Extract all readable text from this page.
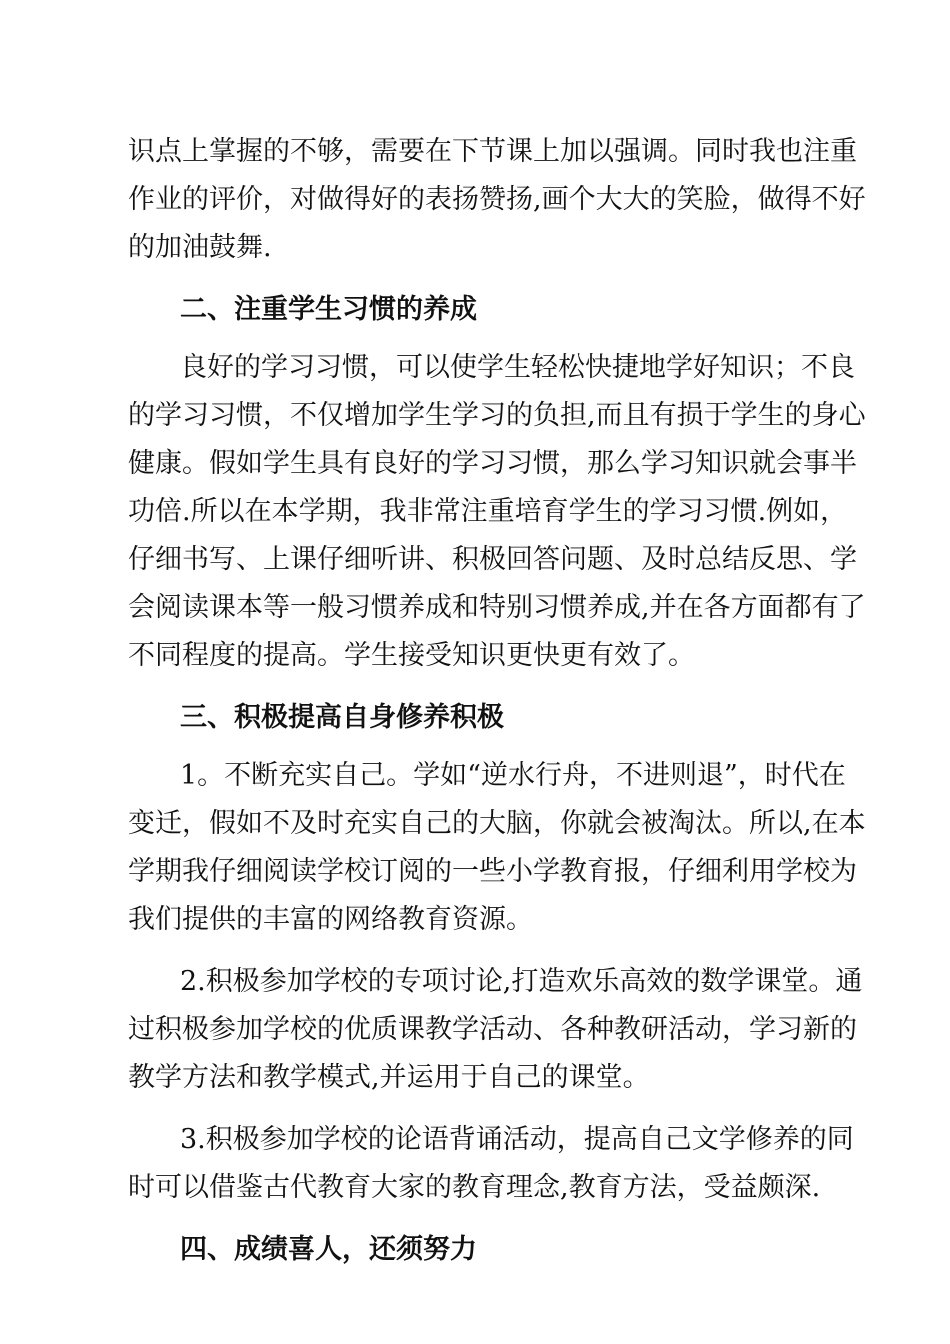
识点上掌握的不够，需要在下节课上加以强调。同时我也注重
作业的评价，对做得好的表扬赞扬,画个大大的笑脸，做得不好
的加油鼓舞.
二、注重学生习惯的养成
良好的学习习惯，可以使学生轻松快捷地学好知识；不良
的学习习惯，不仅增加学生学习的负担,而且有损于学生的身心
健康。假如学生具有良好的学习习惯，那么学习知识就会事半
功倍.所以在本学期，我非常注重培育学生的学习习惯.例如，
仔细书写、上课仔细听讲、积极回答问题、及时总结反思、学
会阅读课本等一般习惯养成和特别习惯养成,并在各方面都有了
不同程度的提高。学生接受知识更快更有效了。
三、积极提高自身修养积极
1。不断充实自己。学如“逆水行舟，不进则退”，时代在
变迁，假如不及时充实自己的大脑，你就会被淘汰。所以,在本
学期我仔细阅读学校订阅的一些小学教育报，仔细利用学校为
我们提供的丰富的网络教育资源。
2.积极参加学校的专项讨论,打造欢乐高效的数学课堂。通
过积极参加学校的优质课教学活动、各种教研活动，学习新的
教学方法和教学模式,并运用于自己的课堂。
3.积极参加学校的论语背诵活动，提高自己文学修养的同
时可以借鉴古代教育大家的教育理念,教育方法，受益颇深.
四、成绩喜人，还须努力
